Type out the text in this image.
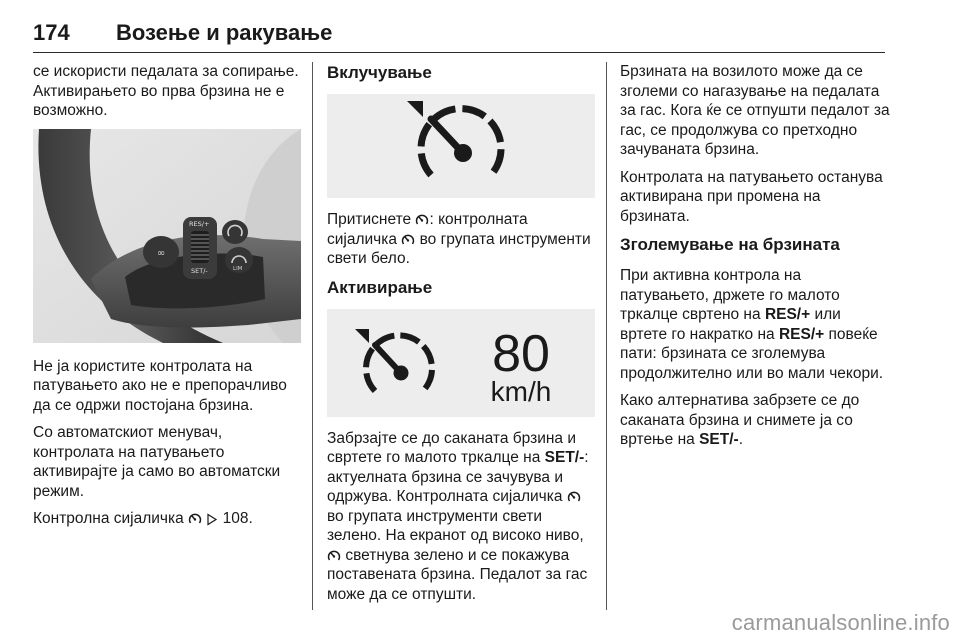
174 Возење и ракување

се искористи педалата за сопирање. Активирањето во прва брзина не е возможно.

∞
RES/+
SET/-	LIM

Не ја користите контролата на патувањето ако не е препорачливо да се одржи постојана брзина.

Со автоматскиот менувач, контролата на патувањето активирајте ја само во автоматски режим.

Контролна сијаличка
	108.

Вклучување

Притиснете : контролната сијаличка во групата инструменти свети бело.

Активирање
80
km/h

Забрзајте се до саканата брзина и свртете го малото тркалце на SET/-: актуелната брзина се зачувува и одржува. Контролната сијаличка
во групата инструменти свети зелено. На екранот од високо ниво,
светнува зелено и се покажува поставената брзина. Педалот за гас може да се отпушти.

Брзината на возилото може да се зголеми со нагазување на педалата за гас. Кога ќе се отпушти педалот за гас, се продолжува со претходно зачуваната брзина.

Контролата на патувањето останува активирана при промена на брзината.

Зголемување на брзината

При активна контрола на патувањето, држете го малото тркалце свртено на RES/+ или вртете го накратко на RES/+ повеќе пати: брзината се зголемува продолжително или во мали чекори.

Како алтернатива забрзете се до саканата брзина и снимете ја со вртење на SET/-.

carmanualsonline.info
